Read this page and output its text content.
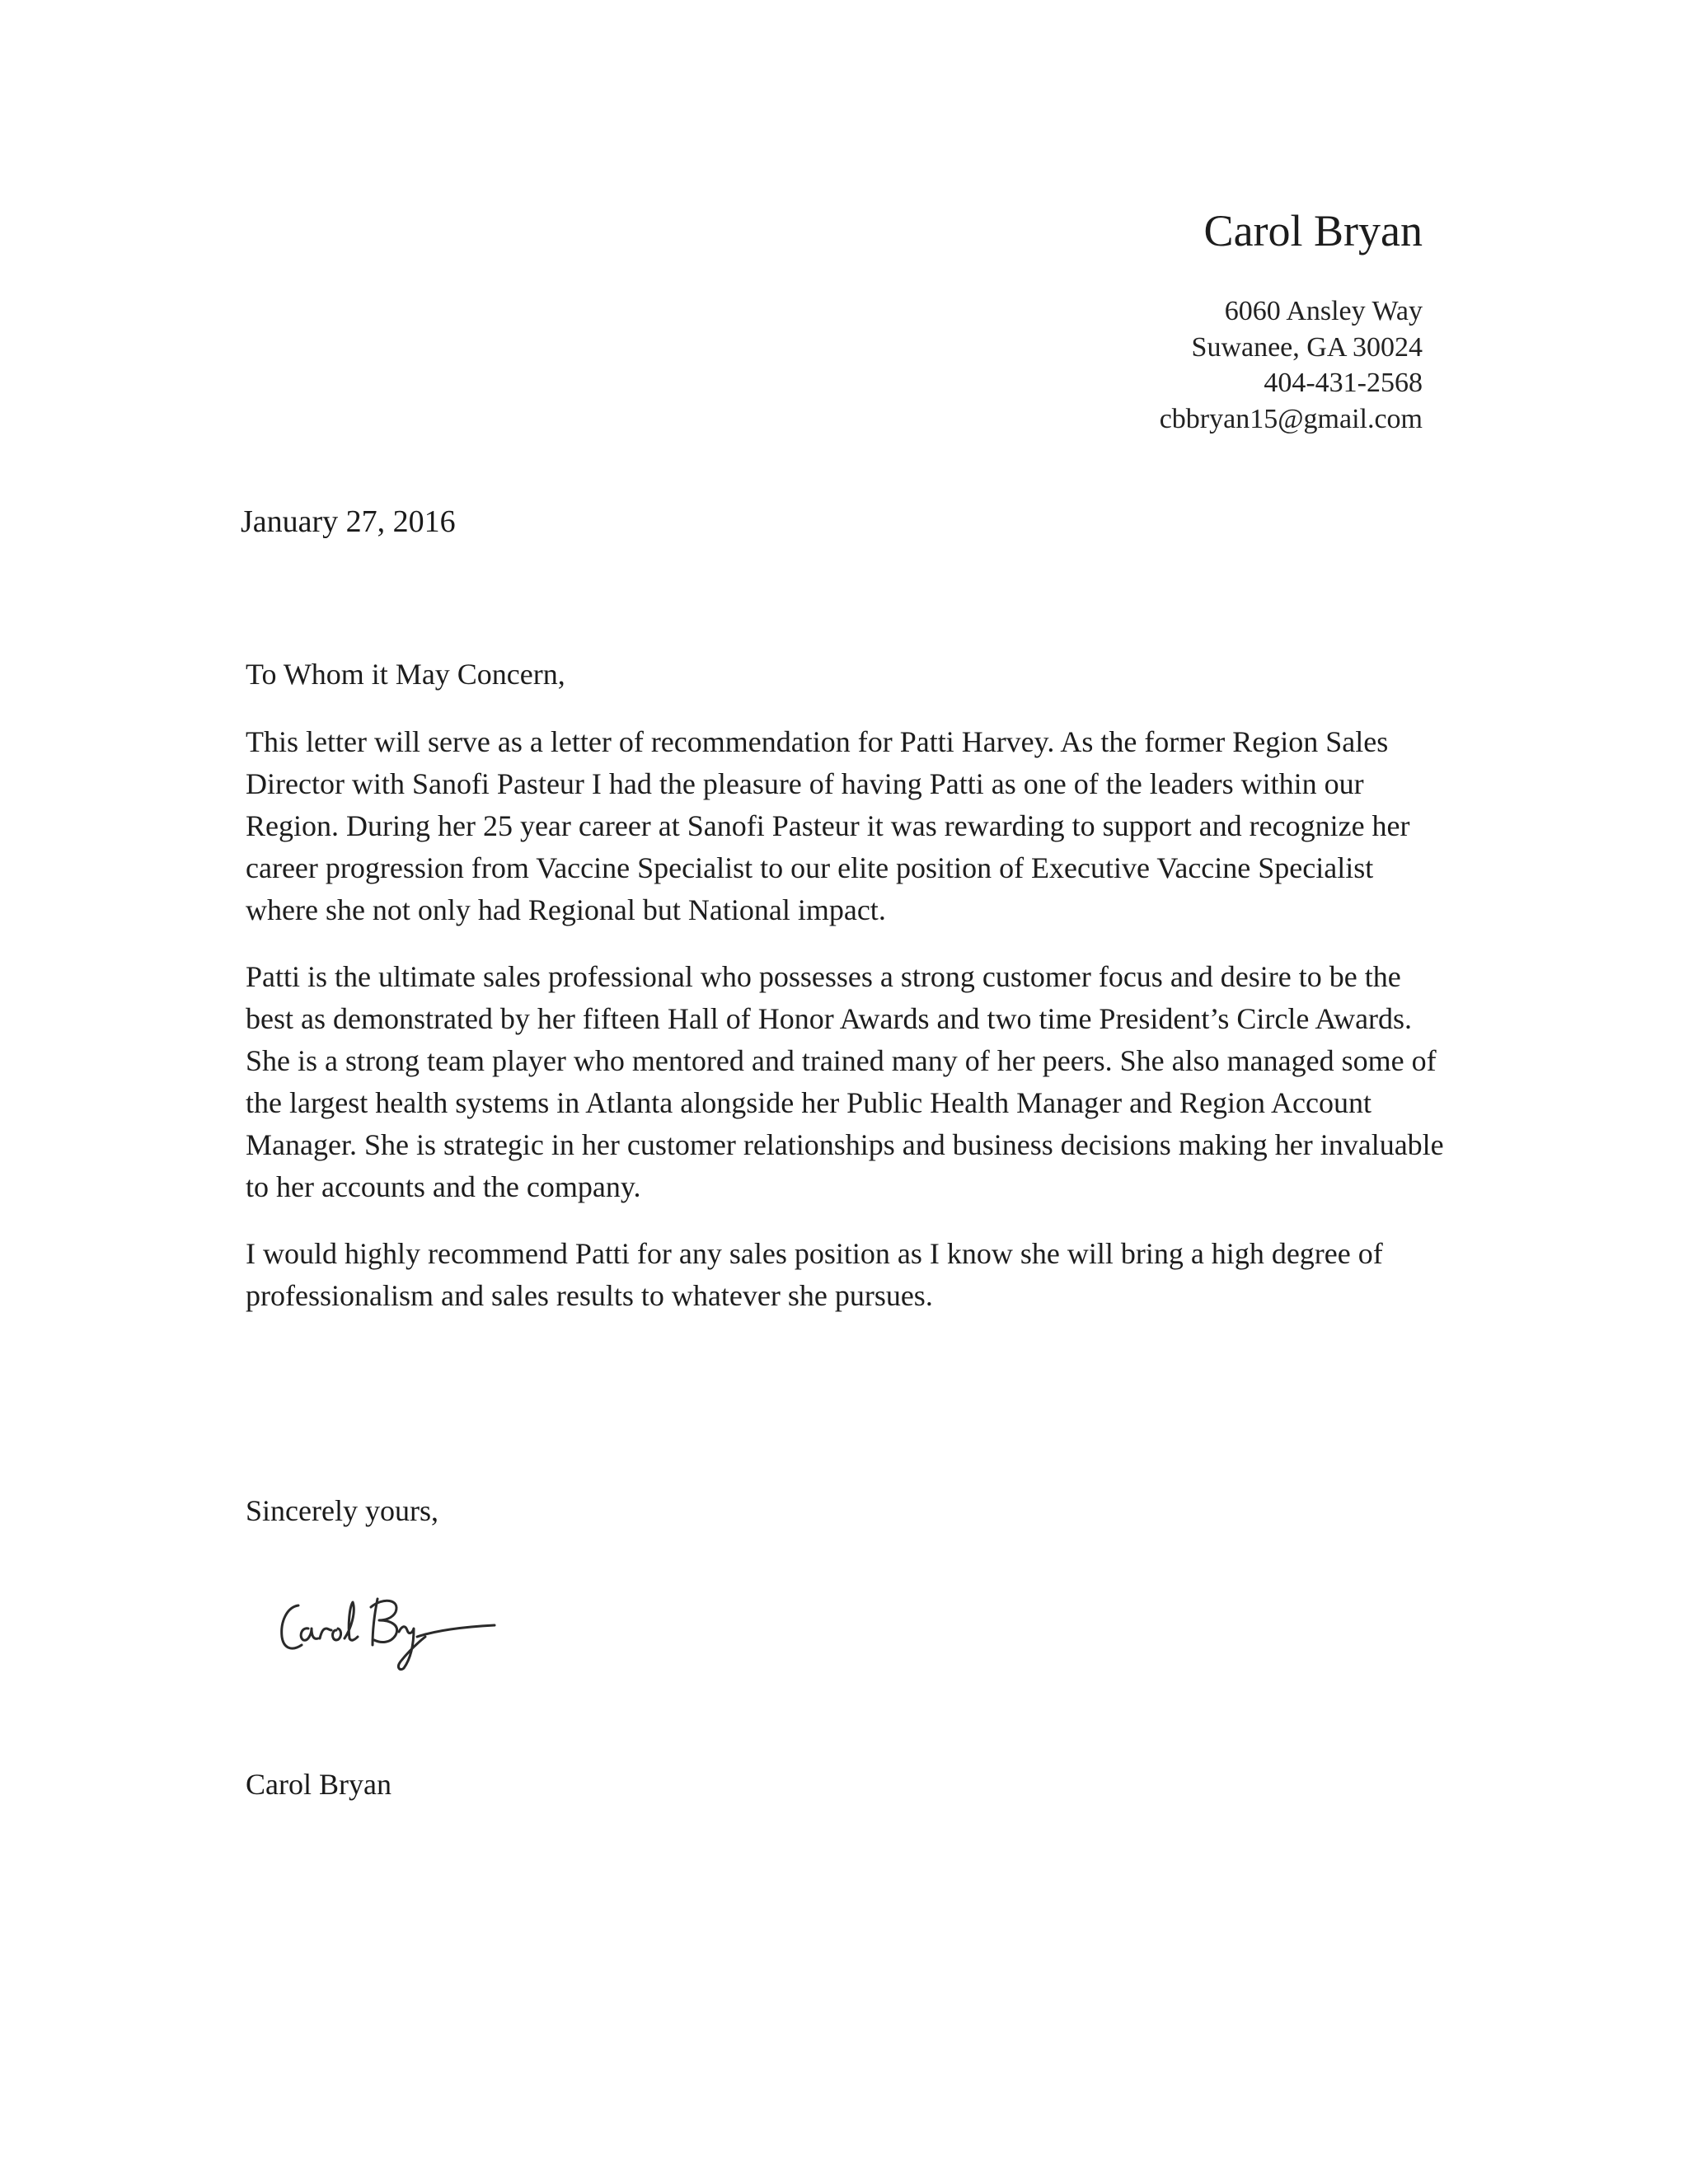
Carol Bryan
6060 Ansley Way
Suwanee, GA 30024
404-431-2568
cbbryan15@gmail.com
January 27, 2016

To Whom it May Concern,

This letter will serve as a letter of recommendation for Patti Harvey. As the former Region Sales Director with Sanofi Pasteur I had the pleasure of having Patti as one of the leaders within our Region. During her 25 year career at Sanofi Pasteur it was rewarding to support and recognize her career progression from Vaccine Specialist to our elite position of Executive Vaccine Specialist where she not only had Regional but National impact.

Patti is the ultimate sales professional who possesses a strong customer focus and desire to be the best as demonstrated by her fifteen Hall of Honor Awards and two time President’s Circle Awards. She is a strong team player who mentored and trained many of her peers. She also managed some of the largest health systems in Atlanta alongside her Public Health Manager and Region Account Manager. She is strategic in her customer relationships and business decisions making her invaluable to her accounts and the company.

I would highly recommend Patti for any sales position as I know she will bring a high degree of professionalism and sales results to whatever she pursues.

Sincerely yours,
Carol Bryan
